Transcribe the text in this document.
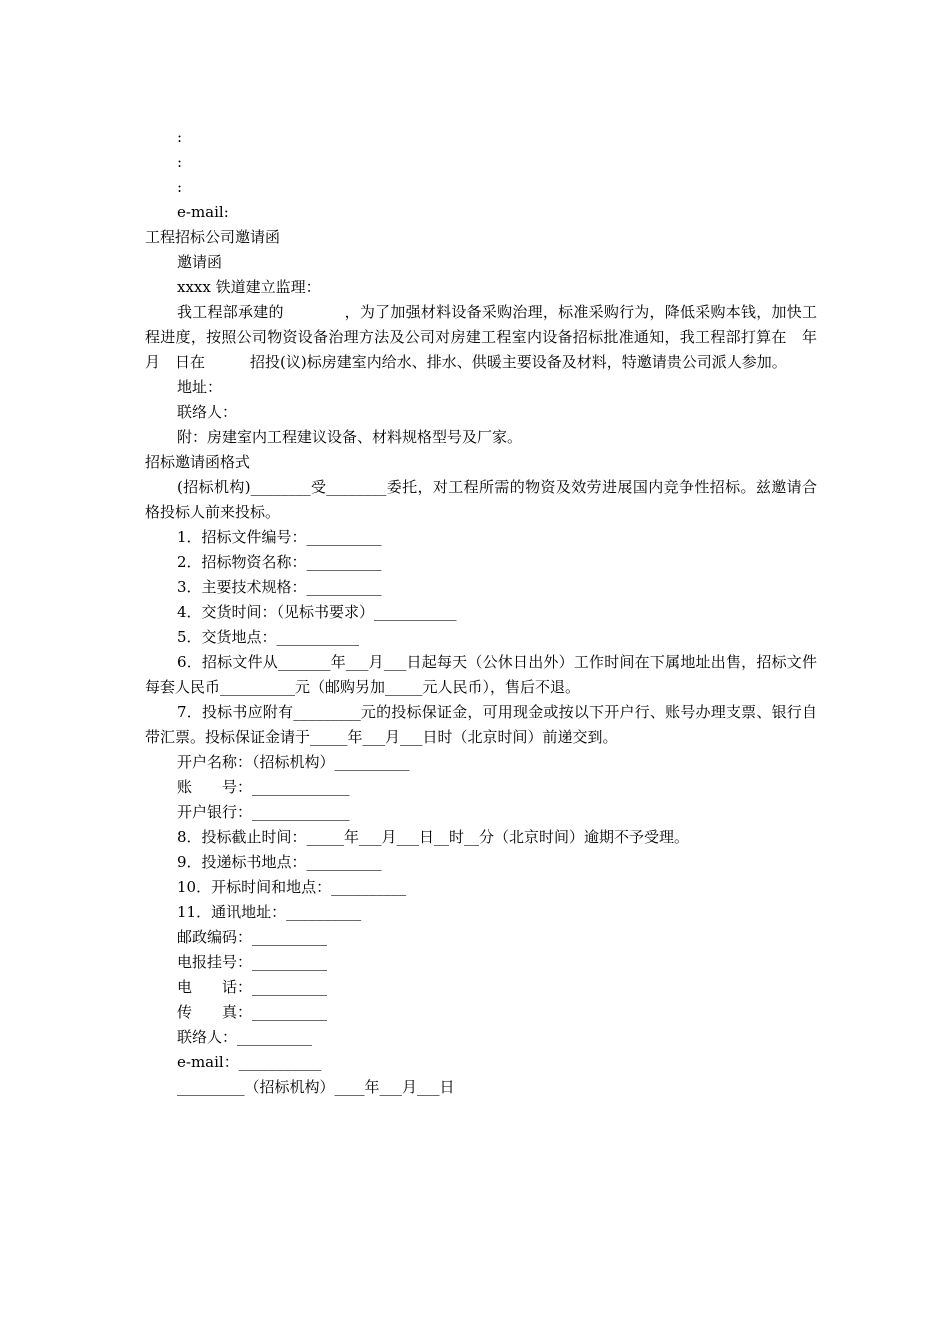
:
:
:
e-mail:
工程招标公司邀请函
邀请函
xxxx 铁道建立监理：
我工程部承建的　　　　，为了加强材料设备采购治理，标准采购行为，降低采购本钱，加快工程进度，按照公司物资设备治理方法及公司对房建工程室内设备招标批准通知，我工程部打算在　年　月　日在　　　招投(议)标房建室内给水、排水、供暖主要设备及材料，特邀请贵公司派人参加。
地址：
联络人：
附：房建室内工程建议设备、材料规格型号及厂家。
招标邀请函格式
(招标机构)________受________委托，对工程所需的物资及效劳进展国内竞争性招标。兹邀请合格投标人前来投标。
1．招标文件编号：__________
2．招标物资名称：__________
3．主要技术规格：__________
4．交货时间：（见标书要求）___________
5．交货地点：___________
6．招标文件从_______年___月___日起每天（公休日出外）工作时间在下属地址出售，招标文件每套人民币__________元（邮购另加_____元人民币），售后不退。
7．投标书应附有_________元的投标保证金，可用现金或按以下开户行、账号办理支票、银行自带汇票。投标保证金请于_____年___月___日时（北京时间）前递交到。
开户名称：（招标机构）__________
账　　号：_____________
开户银行：_____________
8．投标截止时间：_____年___月___日__时__分（北京时间）逾期不予受理。
9．投递标书地点：__________
10．开标时间和地点：__________
11．通讯地址：__________
邮政编码：__________
电报挂号：__________
电　　话：__________
传　　真：__________
联络人：__________
e-mail：___________
_________（招标机构）____年___月___日
